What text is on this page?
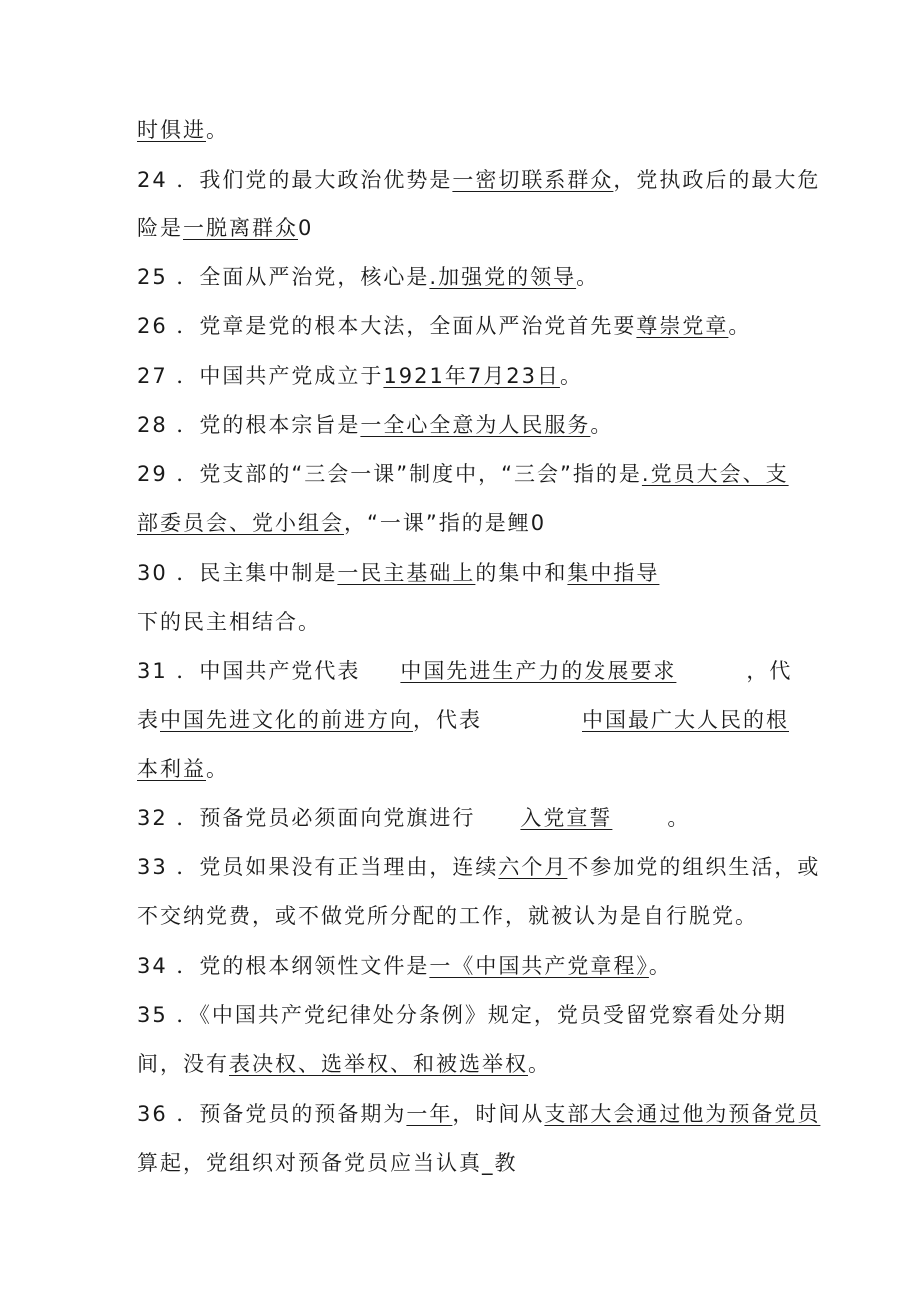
时俱进。
24 ．我们党的最大政治优势是一密切联系群众，党执政后的最大危
险是一脱离群众0
25 ．全面从严治党，核心是.加强党的领导。
26 ．党章是党的根本大法，全面从严治党首先要尊崇党章。
27 ．中国共产党成立于1921年7月23日。
28 ．党的根本宗旨是一全心全意为人民服务。
29 ．党支部的“三会一课”制度中，“三会”指的是.党员大会、支
部委员会、党小组会，“一课”指的是鲤0
30 ．民主集中制是一民主基础上的集中和集中指导
下的民主相结合。
31 ．中国共产党代表 中国先进生产力的发展要求	，代
表中国先进文化的前进方向，代表	中国最广大人民的根
本利益。
32 ．预备党员必须面向党旗进行 入党宣誓	。
33 ．党员如果没有正当理由，连续六个月不参加党的组织生活，或
不交纳党费，或不做党所分配的工作，就被认为是自行脱党。
34 ．党的根本纲领性文件是一《中国共产党章程》。
35 ．《中国共产党纪律处分条例》规定，党员受留党察看处分期
间，没有表决权、选举权、和被选举权。
36 ．预备党员的预备期为一年，时间从支部大会通过他为预备党员
算起，党组织对预备党员应当认真_教
